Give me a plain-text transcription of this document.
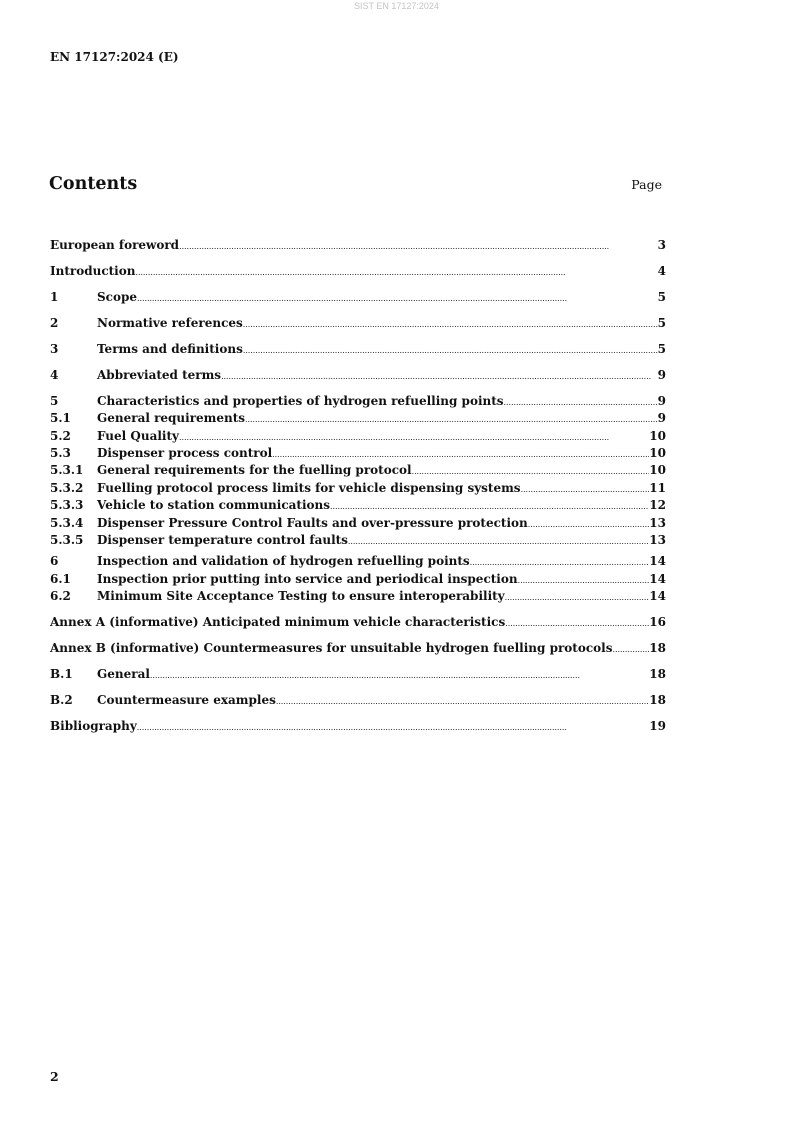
SIST EN 17127:2024
EN 17127:2024 (E)
Contents	Page
European foreword . . .	3
Introduction . . .	4
1	Scope . . .	5
2	Normative references . . .	5
3	Terms and definitions . . .	5
4	Abbreviated terms . . .	9
5	Characteristics and properties of hydrogen refuelling points . . .	9
5.1	General requirements . . .	9
5.2	Fuel Quality . . .	10
5.3	Dispenser process control . . .	10
5.3.1	General requirements for the fuelling protocol . . .	10
5.3.2	Fuelling protocol process limits for vehicle dispensing systems . . .	11
5.3.3	Vehicle to station communications . . .	12
5.3.4	Dispenser Pressure Control Faults and over-pressure protection . . .	13
5.3.5	Dispenser temperature control faults . . .	13
6	Inspection and validation of hydrogen refuelling points . . .	14
6.1	Inspection prior putting into service and periodical inspection . . .	14
6.2	Minimum Site Acceptance Testing to ensure interoperability . . .	14
Annex A (informative) Anticipated minimum vehicle characteristics . . .	16
Annex B (informative) Countermeasures for unsuitable hydrogen fuelling protocols . . .	18
B.1	General . . .	18
B.2	Countermeasure examples . . .	18
Bibliography . . .	19
2
